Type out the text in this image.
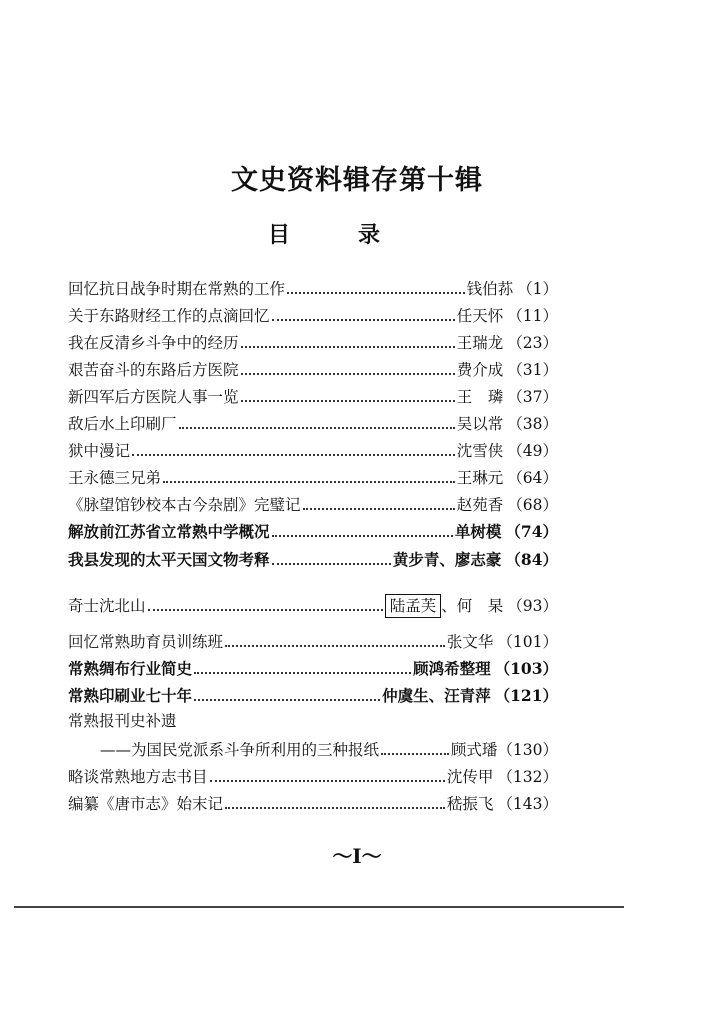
文史资料辑存第十辑
目	录
回忆抗日战争时期在常熟的工作	钱伯荪 （1）
关于东路财经工作的点滴回忆	任天怀 （11）
我在反清乡斗争中的经历	王瑞龙 （23）
艰苦奋斗的东路后方医院	费介成 （31）
新四军后方医院人事一览	王　璘 （37）
敌后水上印刷厂	吴以常 （38）
狱中漫记	沈雪侠 （49）
王永德三兄弟	王琳元 （64）
《脉望馆钞校本古今杂剧》完璧记	赵苑香 （68）
解放前江苏省立常熟中学概况	单树模 （74）
我县发现的太平天国文物考释	黄步青、廖志豪 （84）
奇士沈北山	陆孟芙 、何　杲 （93）
回忆常熟助育员训练班	张文华 （101）
常熟绸布行业简史	顾鸿希整理 （103）
常熟印刷业七十年	仲虞生、汪青萍 （121）
常熟报刊史补遗
——为国民党派系斗争所利用的三种报纸	顾式璠 （130）
略谈常熟地方志书目	沈传甲 （132）
编纂《唐市志》始末记	嵇振飞 （143）
～I～
